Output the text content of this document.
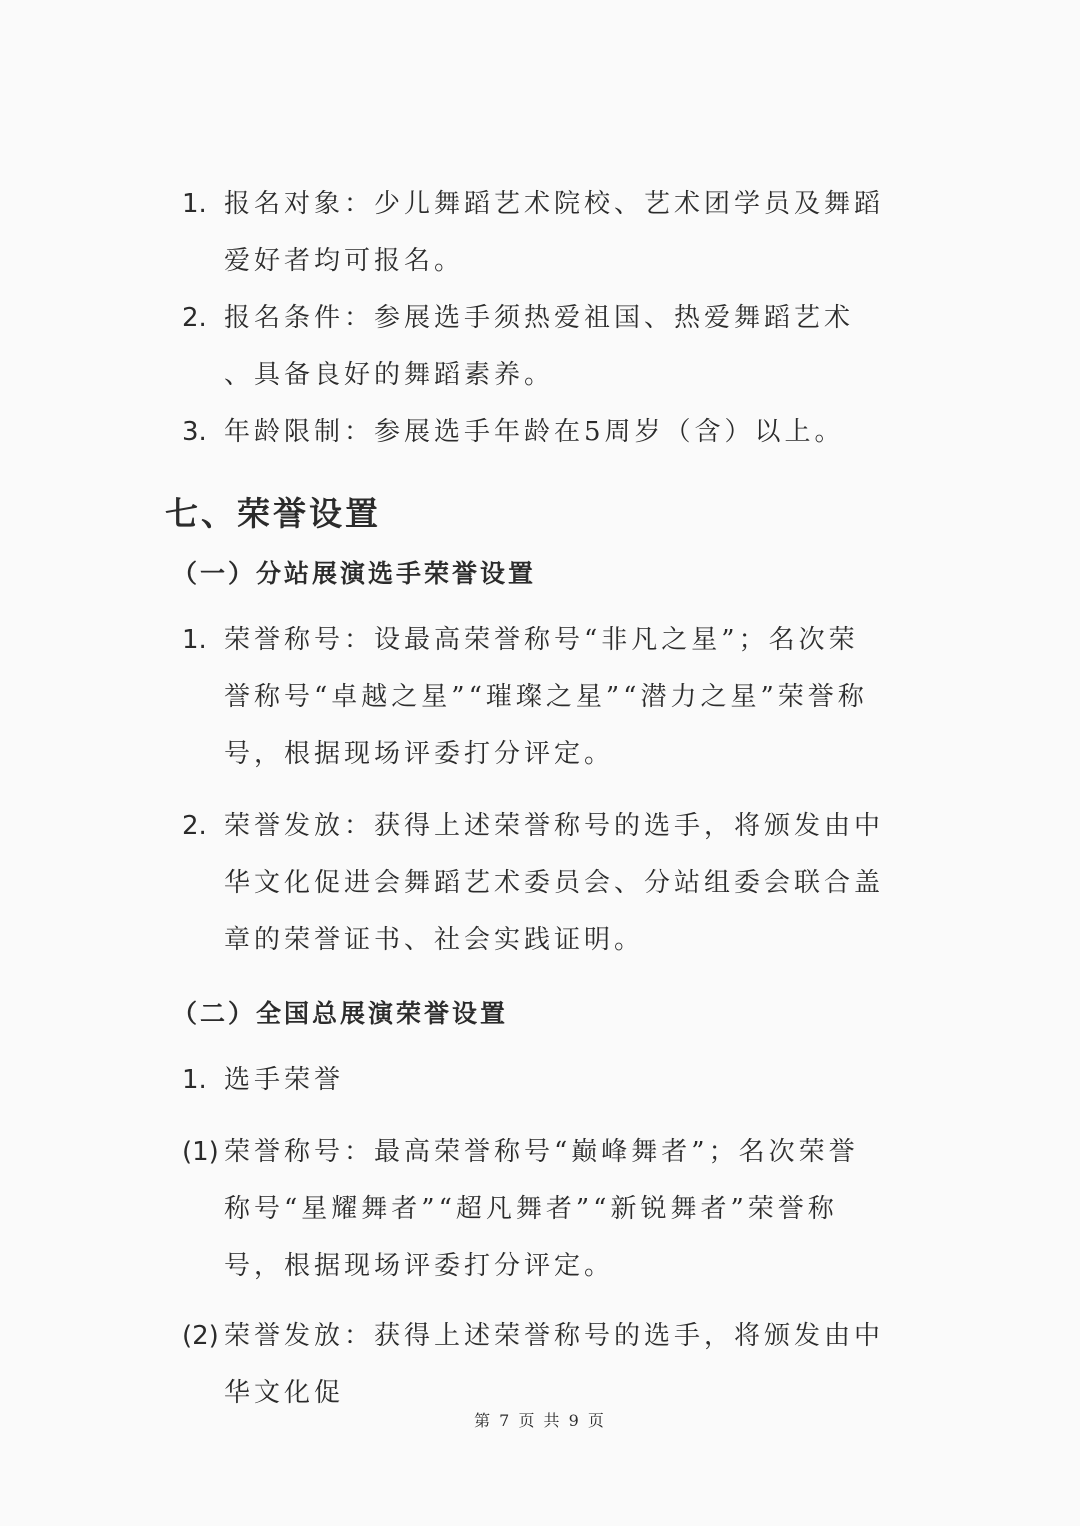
1. 报名对象：少儿舞蹈艺术院校、艺术团学员及舞蹈爱好者均可报名。
2. 报名条件：参展选手须热爱祖国、热爱舞蹈艺术 、具备良好的舞蹈素养。
3. 年龄限制：参展选手年龄在5周岁（含）以上。
七、荣誉设置
（一）分站展演选手荣誉设置
1. 荣誉称号：设最高荣誉称号“非凡之星”；名次荣誉称号“卓越之星”“璀璨之星”“潜力之星”荣誉称号，根据现场评委打分评定。
2. 荣誉发放：获得上述荣誉称号的选手，将颁发由中华文化促进会舞蹈艺术委员会、分站组委会联合盖章的荣誉证书、社会实践证明。
（二）全国总展演荣誉设置
1. 选手荣誉
(1) 荣誉称号：最高荣誉称号“巅峰舞者”；名次荣誉称号“星耀舞者”“超凡舞者”“新锐舞者”荣誉称号，根据现场评委打分评定。
(2) 荣誉发放：获得上述荣誉称号的选手，将颁发由中华文化促
第 7 页 共 9 页
